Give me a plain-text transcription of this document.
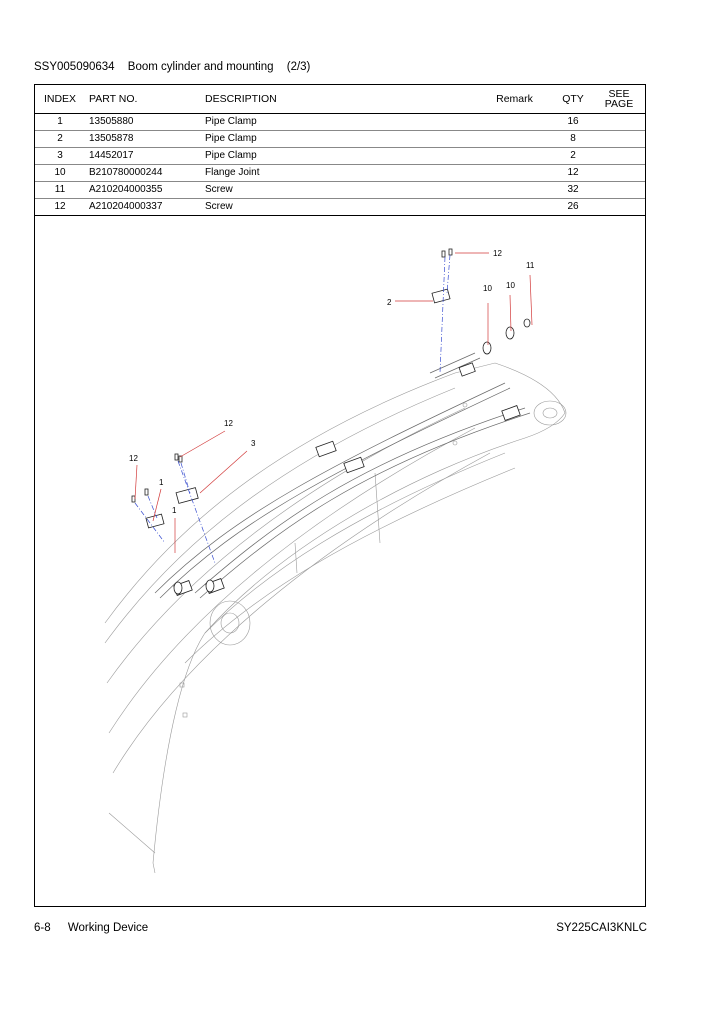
SSY005090634 Boom cylinder and mounting (2/3)
INDEX	PART NO.	DESCRIPTION	Remark	QTY	SEE
PAGE

1	13505880	Pipe Clamp		16	
2	13505878	Pipe Clamp		8	
3	14452017	Pipe Clamp		2	
10	B210780000244	Flange Joint		12	
11	A210204000355	Screw		32	
12	A210204000337	Screw		26	
12
11
10
10
2
12
3
12
1
1
6-8 Working Device	SY225CAI3KNLC
